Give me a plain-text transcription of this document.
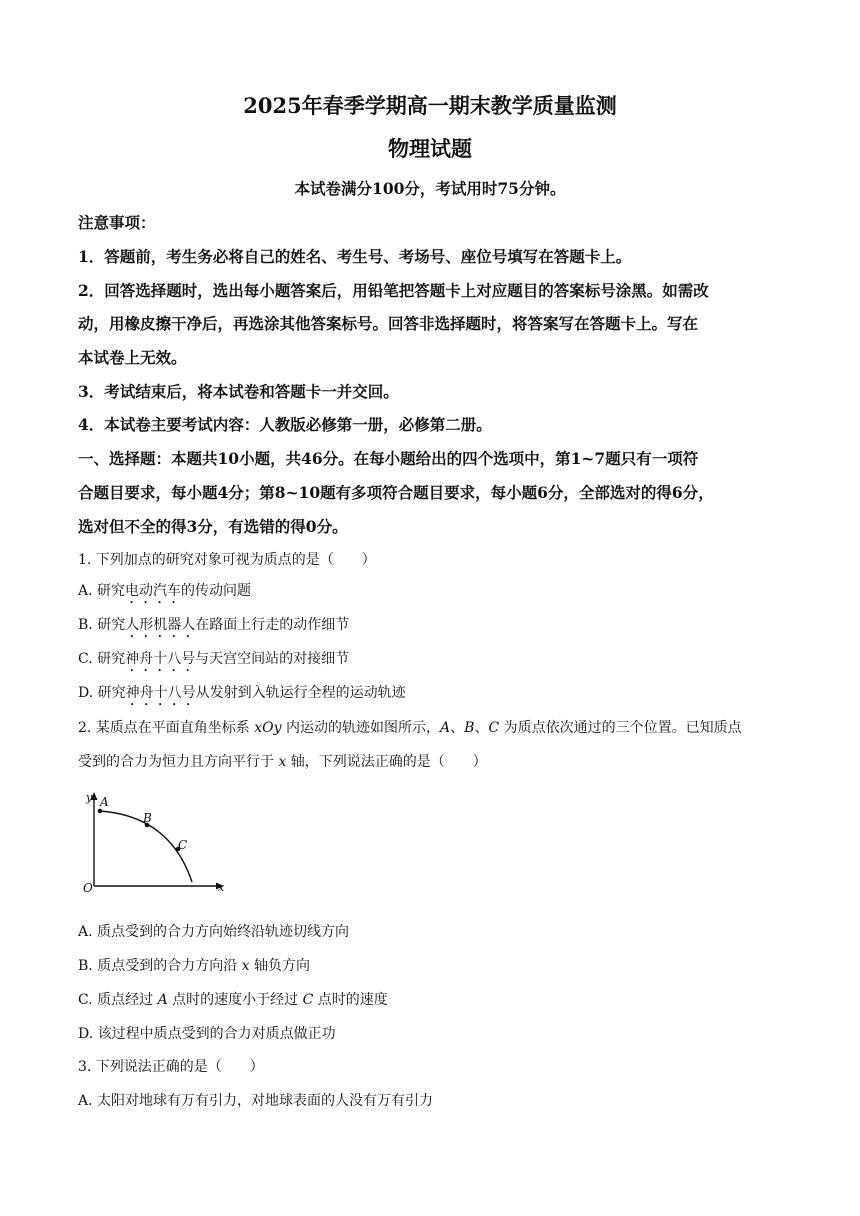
2025年春季学期高一期末教学质量监测
物理试题
本试卷满分100分，考试用时75分钟。
注意事项：
1．答题前，考生务必将自己的姓名、考生号、考场号、座位号填写在答题卡上。
2．回答选择题时，选出每小题答案后，用铅笔把答题卡上对应题目的答案标号涂黑。如需改
动，用橡皮擦干净后，再选涂其他答案标号。回答非选择题时，将答案写在答题卡上。写在
本试卷上无效。
3．考试结束后，将本试卷和答题卡一并交回。
4．本试卷主要考试内容：人教版必修第一册，必修第二册。
一、选择题：本题共10小题，共46分。在每小题给出的四个选项中，第1~7题只有一项符
合题目要求，每小题4分；第8~10题有多项符合题目要求，每小题6分，全部选对的得6分，
选对但不全的得3分，有选错的得0分。
1. 下列加点的研究对象可视为质点的是（　　）
A. 研究电动汽车的传动问题
B. 研究人形机器人在路面上行走的动作细节
C. 研究神舟十八号与天宫空间站的对接细节
D. 研究神舟十八号从发射到入轨运行全程的运动轨迹
2. 某质点在平面直角坐标系 xOy 内运动的轨迹如图所示，A、B、C 为质点依次通过的三个位置。已知质点
受到的合力为恒力且方向平行于 x 轴，下列说法正确的是（　　）
y
x
O
A
B
C
A. 质点受到的合力方向始终沿轨迹切线方向
B. 质点受到的合力方向沿 x 轴负方向
C. 质点经过 A 点时的速度小于经过 C 点时的速度
D. 该过程中质点受到的合力对质点做正功
3. 下列说法正确的是（　　）
A. 太阳对地球有万有引力，对地球表面的人没有万有引力
